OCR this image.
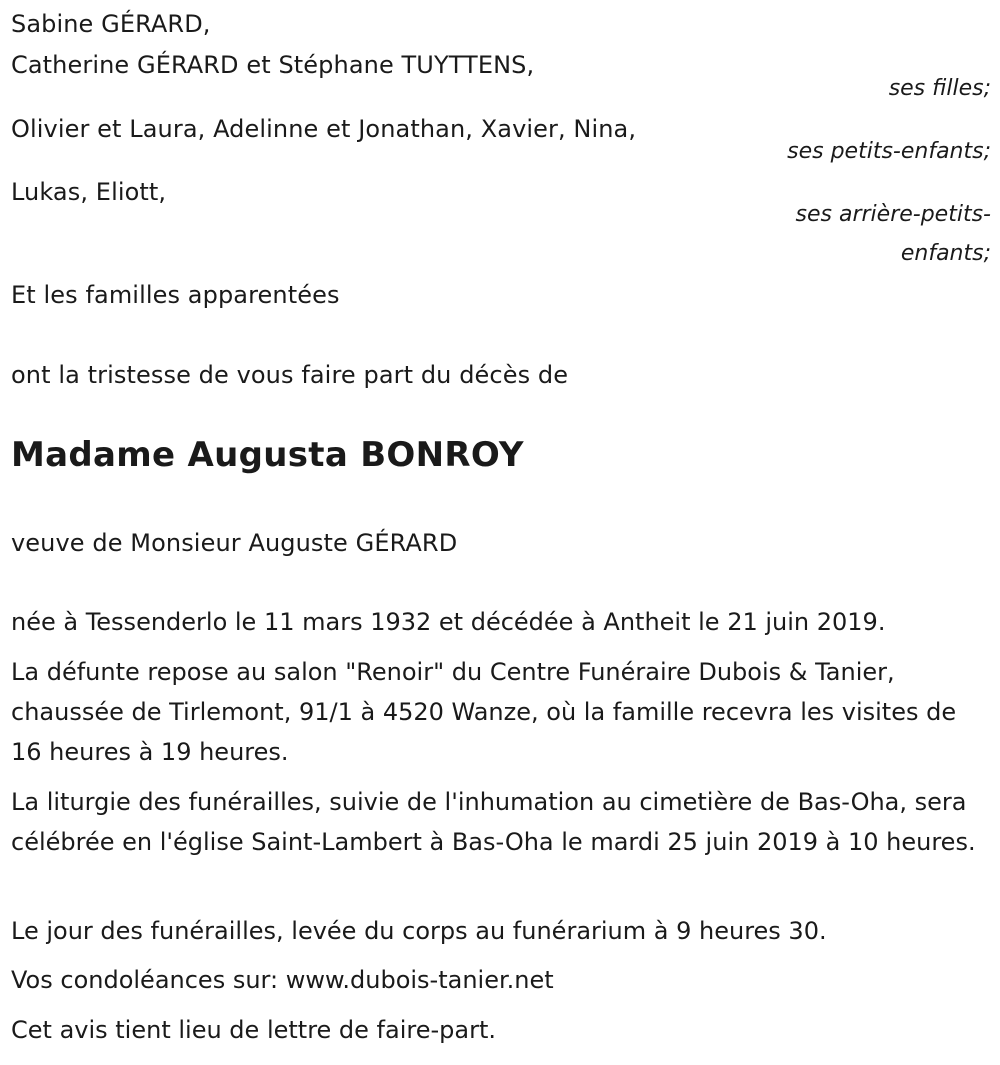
Sabine GÉRARD,
Catherine GÉRARD et Stéphane TUYTTENS,
ses filles;
Olivier et Laura, Adelinne et Jonathan, Xavier, Nina,
ses petits-enfants;
Lukas, Eliott,
ses arrière-petits-
enfants;
Et les familles apparentées
ont la tristesse de vous faire part du décès de
Madame Augusta BONROY
veuve de Monsieur Auguste GÉRARD
née à Tessenderlo le 11 mars 1932 et décédée à Antheit le 21 juin 2019.
La défunte repose au salon "Renoir" du Centre Funéraire Dubois & Tanier, chaussée de Tirlemont, 91/1 à 4520 Wanze, où la famille recevra les visites de 16 heures à 19 heures.
La liturgie des funérailles, suivie de l'inhumation au cimetière de Bas-Oha, sera célébrée en l'église Saint-Lambert à Bas-Oha le mardi 25 juin 2019 à 10 heures.
Le jour des funérailles, levée du corps au funérarium à 9 heures 30.
Vos condoléances sur: www.dubois-tanier.net
Cet avis tient lieu de lettre de faire-part.
